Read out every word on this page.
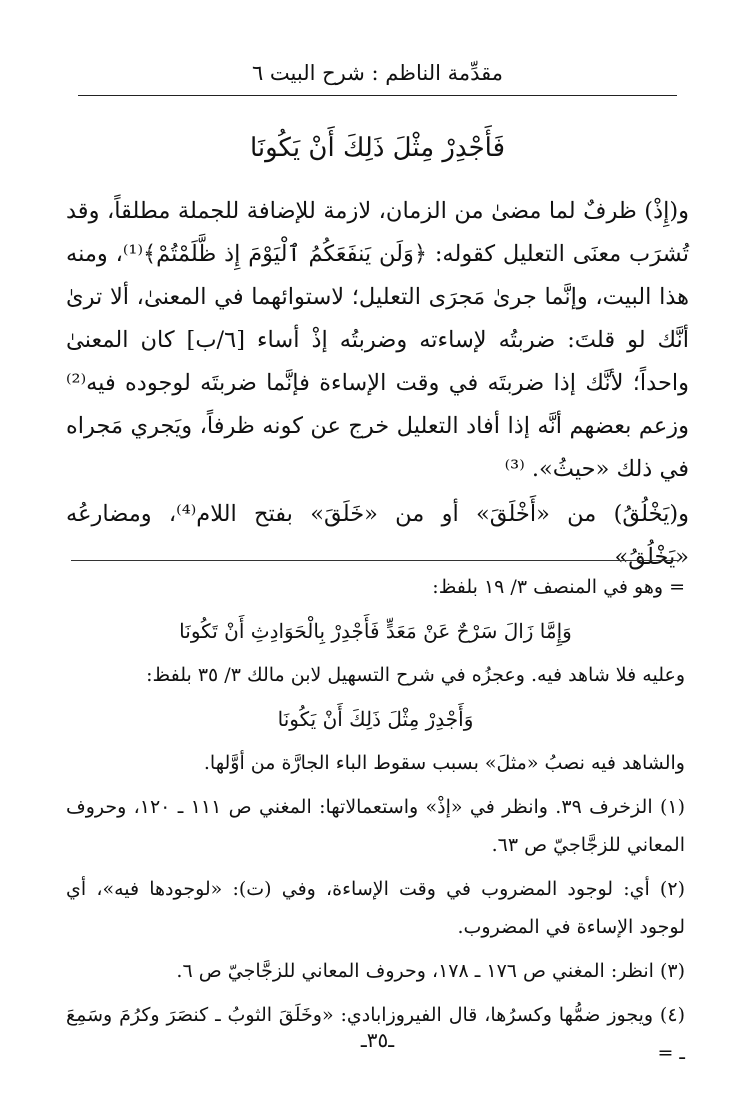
مقدِّمة الناظم : شرح البيت ٦
فَأَجْدِرْ مِثْلَ ذَلِكَ أَنْ يَكُونَا

و(إِذْ) ظرفٌ لما مضىٰ من الزمان، لازمة للإضافة للجملة مطلقاً، وقد تُشرَب معنَى التعليل كقوله: ﴿وَلَن يَنفَعَكُمُ ٱلْيَوْمَ إِذ ظَّلَمْتُمْ﴾⁽¹⁾، ومنه هذا البيت، وإنَّما جرىٰ مَجرَى التعليل؛ لاستوائهما في المعنىٰ، ألا ترىٰ أنَّك لو قلتَ: ضربتُه لإساءته وضربتُه إذْ أساء [٦/ب] كان المعنىٰ واحداً؛ لأنَّك إذا ضربتَه في وقت الإساءة فإنَّما ضربتَه لوجوده فيه⁽²⁾ وزعم بعضهم أنَّه إذا أفاد التعليل خرج عن كونه ظرفاً، ويَجري مَجراه في ذلك «حيثُ». ⁽³⁾

و(يَخْلُقُ) من «أَخْلَقَ» أو من «خَلَقَ» بفتح اللام⁽⁴⁾، ومضارعُه «يَخْلُقُ»

= وهو في المنصف ٣/ ١٩ بلفظ:

وَإِمَّا زَالَ سَرْحٌ عَنْ مَعَدٍّ فَأَجْدِرْ بِالْحَوَادِثِ أَنْ تَكُونَا

وعليه فلا شاهد فيه. وعجزُه في شرح التسهيل لابن مالك ٣/ ٣٥ بلفظ:

وَأَجْدِرْ مِثْلَ ذَلِكَ أَنْ يَكُونَا

والشاهد فيه نصبُ «مثلَ» بسبب سقوط الباء الجارَّة من أوَّلها.

(١) الزخرف ٣٩. وانظر في «إذْ» واستعمالاتها: المغني ص ١١١ ـ ١٢٠، وحروف المعاني للزجَّاجيّ ص ٦٣.

(٢) أي: لوجود المضروب في وقت الإساءة، وفي (ت): «لوجودها فيه»، أي لوجود الإساءة في المضروب.

(٣) انظر: المغني ص ١٧٦ ـ ١٧٨، وحروف المعاني للزجَّاجيّ ص ٦.

(٤) ويجوز ضمُّها وكسرُها، قال الفيروزابادي: «وخَلَقَ الثوبُ ـ كنصَرَ وكرُمَ وسَمِعَ ـ =

ـ٣٥ـ
